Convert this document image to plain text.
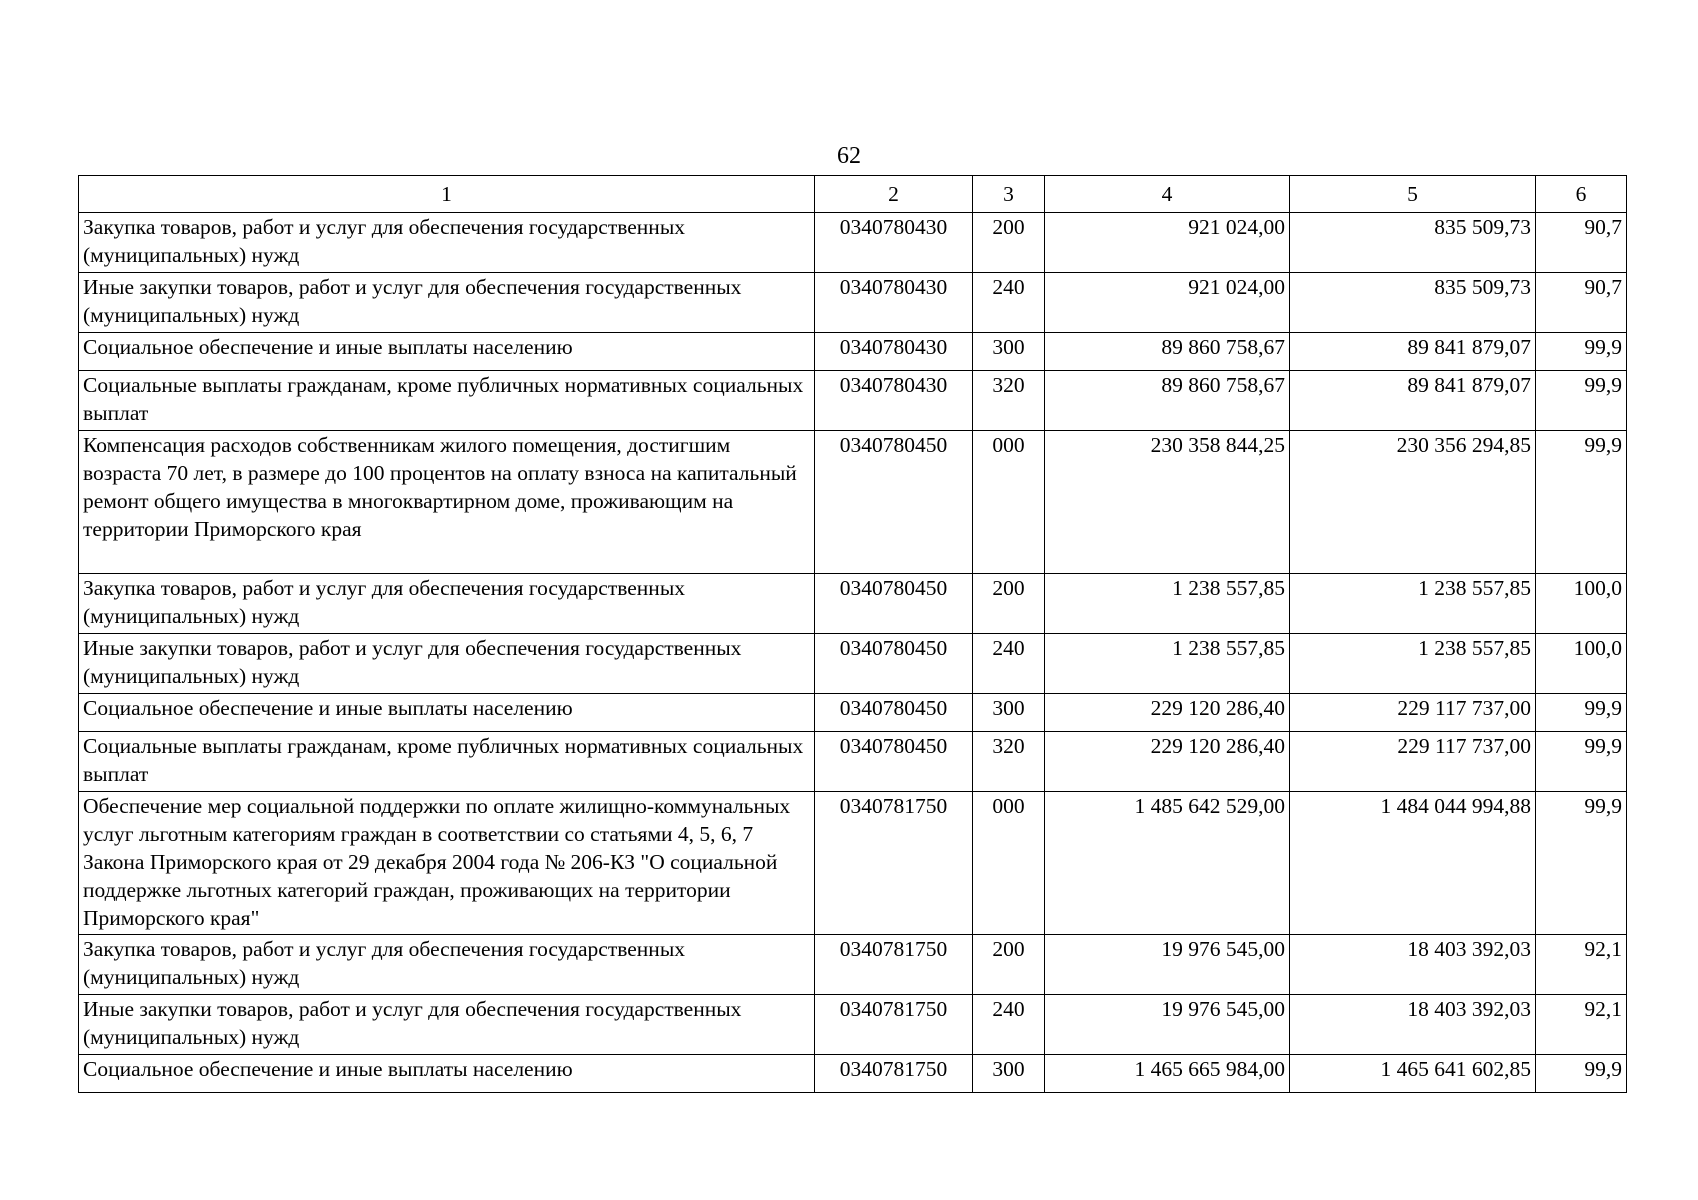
62
1	2	3	4	5	6
Закупка товаров, работ и услуг для обеспечения государственных (муниципальных) нужд	0340780430	200	921 024,00	835 509,73	90,7
Иные закупки товаров, работ и услуг для обеспечения государственных (муниципальных) нужд	0340780430	240	921 024,00	835 509,73	90,7
Социальное обеспечение и иные выплаты населению	0340780430	300	89 860 758,67	89 841 879,07	99,9
Социальные выплаты гражданам, кроме публичных нормативных социальных выплат	0340780430	320	89 860 758,67	89 841 879,07	99,9
Компенсация расходов собственникам жилого помещения, достигшим возраста 70 лет, в размере до 100 процентов на оплату взноса на капитальный ремонт общего имущества в многоквартирном доме, проживающим на территории Приморского края	0340780450	000	230 358 844,25	230 356 294,85	99,9
Закупка товаров, работ и услуг для обеспечения государственных (муниципальных) нужд	0340780450	200	1 238 557,85	1 238 557,85	100,0
Иные закупки товаров, работ и услуг для обеспечения государственных (муниципальных) нужд	0340780450	240	1 238 557,85	1 238 557,85	100,0
Социальное обеспечение и иные выплаты населению	0340780450	300	229 120 286,40	229 117 737,00	99,9
Социальные выплаты гражданам, кроме публичных нормативных социальных выплат	0340780450	320	229 120 286,40	229 117 737,00	99,9
Обеспечение мер социальной поддержки по оплате жилищно-коммунальных услуг льготным категориям граждан в соответствии со статьями 4, 5, 6, 7 Закона Приморского края от 29 декабря 2004 года № 206-КЗ "О социальной поддержке льготных категорий граждан, проживающих на территории Приморского края"	0340781750	000	1 485 642 529,00	1 484 044 994,88	99,9
Закупка товаров, работ и услуг для обеспечения государственных (муниципальных) нужд	0340781750	200	19 976 545,00	18 403 392,03	92,1
Иные закупки товаров, работ и услуг для обеспечения государственных (муниципальных) нужд	0340781750	240	19 976 545,00	18 403 392,03	92,1
Социальное обеспечение и иные выплаты населению	0340781750	300	1 465 665 984,00	1 465 641 602,85	99,9
